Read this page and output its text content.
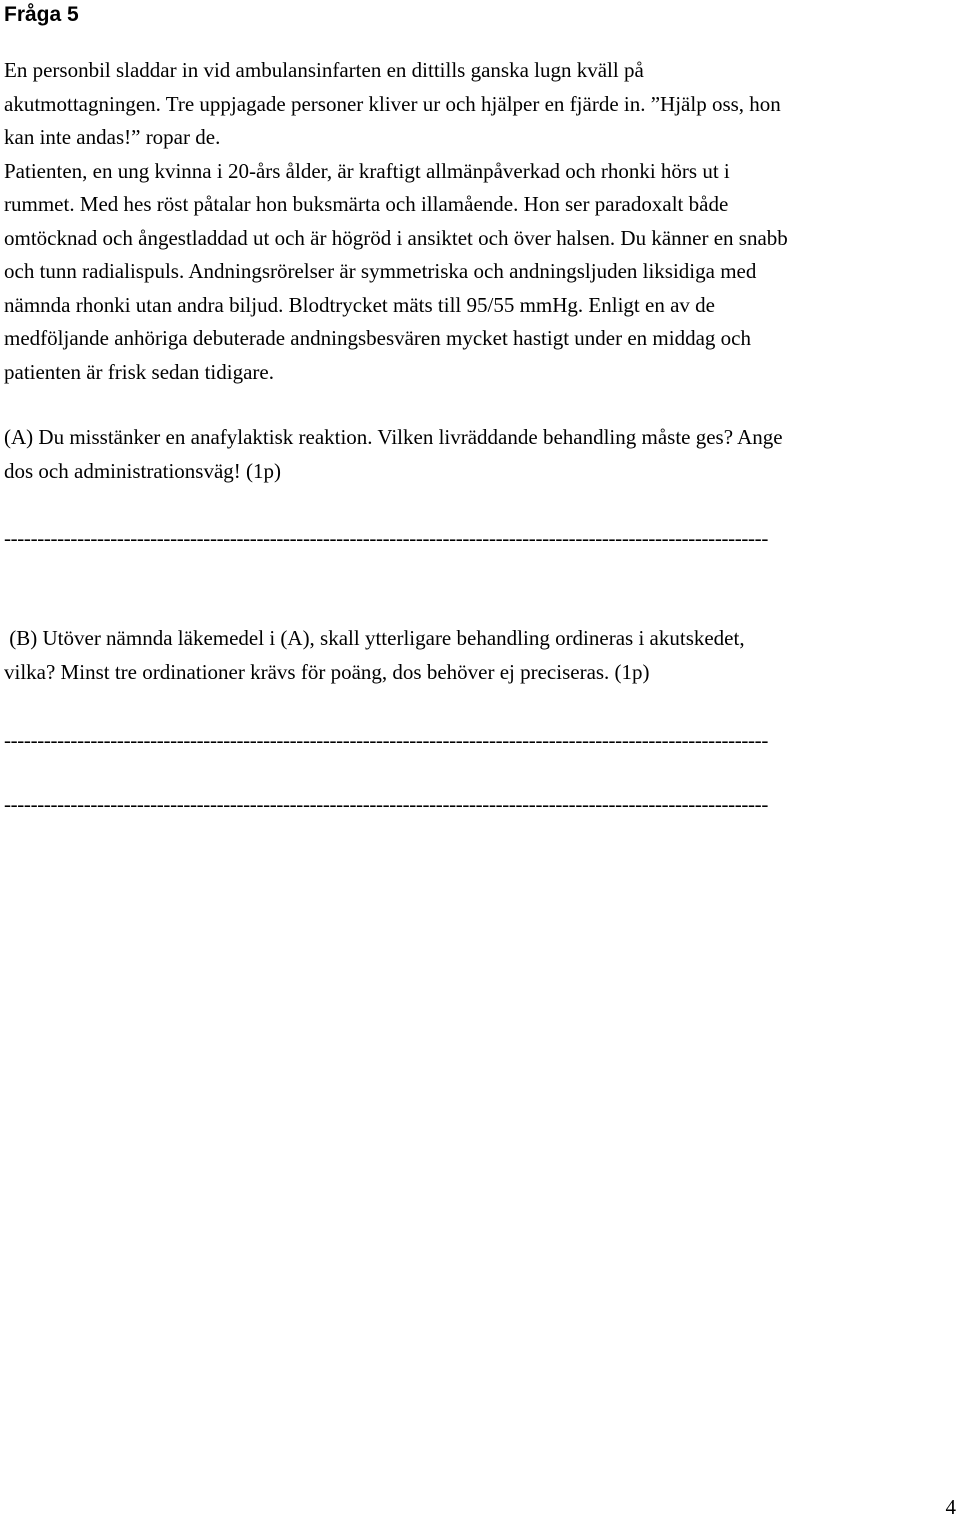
Fråga 5
En personbil sladdar in vid ambulansinfarten en dittills ganska lugn kväll på
akutmottagningen. Tre uppjagade personer kliver ur och hjälper en fjärde in. ”Hjälp oss, hon
kan inte andas!” ropar de.
Patienten, en ung kvinna i 20-års ålder, är kraftigt allmänpåverkad och rhonki hörs ut i
rummet. Med hes röst påtalar hon buksmärta och illamående. Hon ser paradoxalt både
omtöcknad och ångestladdad ut och är högröd i ansiktet och över halsen. Du känner en snabb
och tunn radialispuls. Andningsrörelser är symmetriska och andningsljuden liksidiga med
nämnda rhonki utan andra biljud. Blodtrycket mäts till 95/55 mmHg. Enligt en av de
medföljande anhöriga debuterade andningsbesvären mycket hastigt under en middag och
patienten är frisk sedan tidigare.
(A) Du misstänker en anafylaktisk reaktion. Vilken livräddande behandling måste ges? Ange
dos och administrationsväg! (1p)
-------------------------------------------------------------------------------------------------------------------
(B) Utöver nämnda läkemedel i (A), skall ytterligare behandling ordineras i akutskedet,
vilka? Minst tre ordinationer krävs för poäng, dos behöver ej preciseras. (1p)
-------------------------------------------------------------------------------------------------------------------
-------------------------------------------------------------------------------------------------------------------
4
